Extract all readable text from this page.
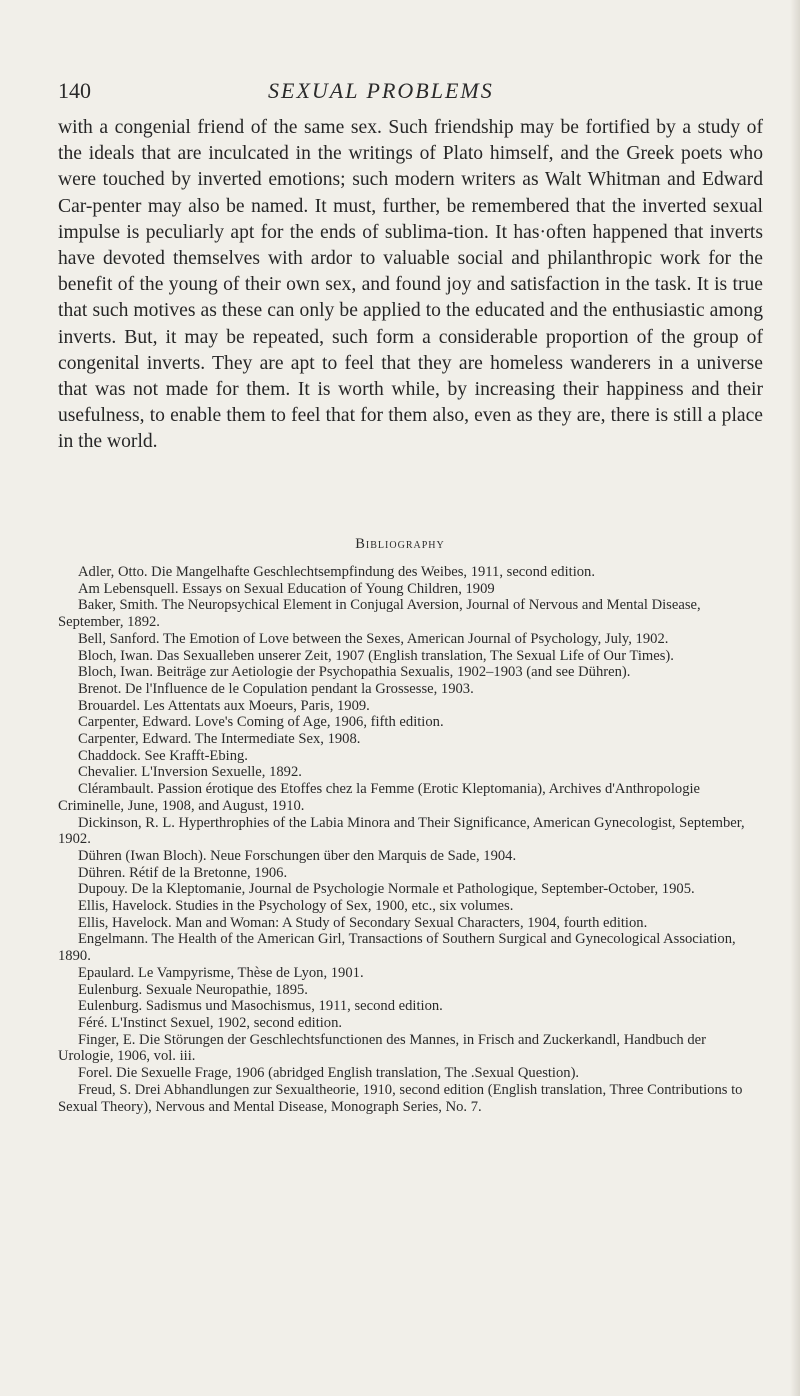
140	SEXUAL PROBLEMS

with a congenial friend of the same sex. Such friendship may be fortified by a study of the ideals that are inculcated in the writings of Plato himself, and the Greek poets who were touched by inverted emotions; such modern writers as Walt Whitman and Edward Car-penter may also be named. It must, further, be remembered that the inverted sexual impulse is peculiarly apt for the ends of sublima-tion. It has·often happened that inverts have devoted themselves with ardor to valuable social and philanthropic work for the benefit of the young of their own sex, and found joy and satisfaction in the task. It is true that such motives as these can only be applied to the educated and the enthusiastic among inverts. But, it may be repeated, such form a considerable proportion of the group of congenital inverts. They are apt to feel that they are homeless wanderers in a universe that was not made for them. It is worth while, by increasing their happiness and their usefulness, to enable them to feel that for them also, even as they are, there is still a place in the world.

Bibliography
Adler, Otto. Die Mangelhafte Geschlechtsempfindung des Weibes, 1911, second edition.
Am Lebensquell. Essays on Sexual Education of Young Children, 1909
Baker, Smith. The Neuropsychical Element in Conjugal Aversion, Journal of Nervous and Mental Disease, September, 1892.
Bell, Sanford. The Emotion of Love between the Sexes, American Journal of Psychology, July, 1902.
Bloch, Iwan. Das Sexualleben unserer Zeit, 1907 (English translation, The Sexual Life of Our Times).
Bloch, Iwan. Beiträge zur Aetiologie der Psychopathia Sexualis, 1902–1903 (and see Dühren).
Brenot. De l'Influence de le Copulation pendant la Grossesse, 1903.
Brouardel. Les Attentats aux Moeurs, Paris, 1909.
Carpenter, Edward. Love's Coming of Age, 1906, fifth edition.
Carpenter, Edward. The Intermediate Sex, 1908.
Chaddock. See Krafft-Ebing.
Chevalier. L'Inversion Sexuelle, 1892.
Clérambault. Passion érotique des Etoffes chez la Femme (Erotic Kleptomania), Archives d'Anthropologie Criminelle, June, 1908, and August, 1910.
Dickinson, R. L. Hyperthrophies of the Labia Minora and Their Significance, American Gynecologist, September, 1902.
Dühren (Iwan Bloch). Neue Forschungen über den Marquis de Sade, 1904.
Dühren. Rétif de la Bretonne, 1906.
Dupouy. De la Kleptomanie, Journal de Psychologie Normale et Pathologique, September-October, 1905.
Ellis, Havelock. Studies in the Psychology of Sex, 1900, etc., six volumes.
Ellis, Havelock. Man and Woman: A Study of Secondary Sexual Characters, 1904, fourth edition.
Engelmann. The Health of the American Girl, Transactions of Southern Surgical and Gynecological Association, 1890.
Epaulard. Le Vampyrisme, Thèse de Lyon, 1901.
Eulenburg. Sexuale Neuropathie, 1895.
Eulenburg. Sadismus und Masochismus, 1911, second edition.
Féré. L'Instinct Sexuel, 1902, second edition.
Finger, E. Die Störungen der Geschlechtsfunctionen des Mannes, in Frisch and Zuckerkandl, Handbuch der Urologie, 1906, vol. iii.
Forel. Die Sexuelle Frage, 1906 (abridged English translation, The .Sexual Question).
Freud, S. Drei Abhandlungen zur Sexualtheorie, 1910, second edition (English translation, Three Contributions to Sexual Theory), Nervous and Mental Disease, Monograph Series, No. 7.
